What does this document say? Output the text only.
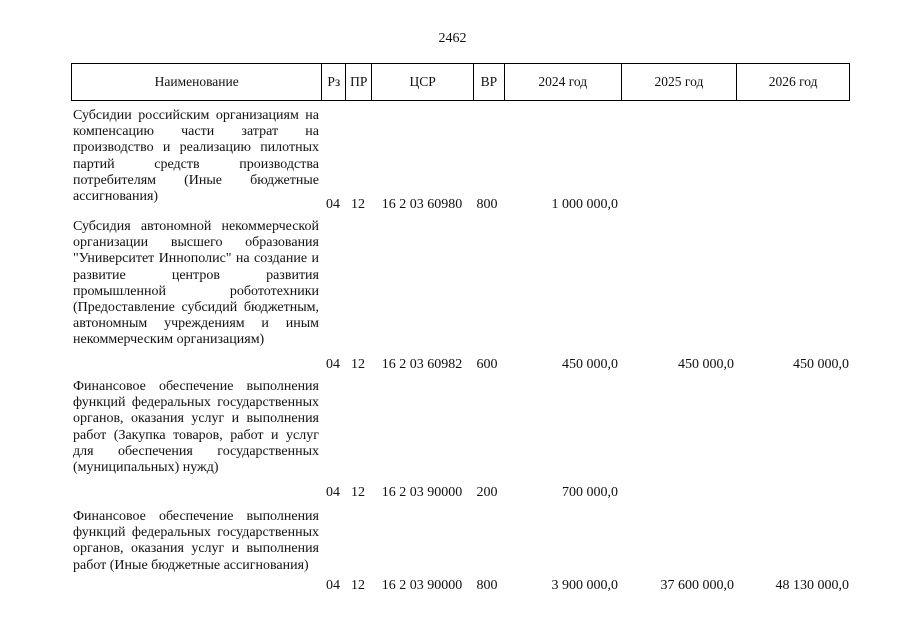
2462
Наименование	Рз ПР	ЦСР	ВР	2024 год	2025 год	2026 год
Субсидии российским организациям на компенсацию части затрат на производство и реализацию пилотных партий средств производства потребителям (Иные бюджетные ассигнования)
04 12	16 2 03 60980	800	1 000 000,0
Субсидия автономной некоммерческой организации высшего образования "Университет Иннополис" на создание и развитие центров развития промышленной робототехники (Предоставление субсидий бюджетным, автономным учреждениям и иным некоммерческим организациям)
04 12	16 2 03 60982	600	450 000,0	450 000,0	450 000,0
Финансовое обеспечение выполнения функций федеральных государственных органов, оказания услуг и выполнения работ (Закупка товаров, работ и услуг для обеспечения государственных (муниципальных) нужд)
04 12	16 2 03 90000	200	700 000,0
Финансовое обеспечение выполнения функций федеральных государственных органов, оказания услуг и выполнения работ (Иные бюджетные ассигнования)
04 12	16 2 03 90000	800	3 900 000,0	37 600 000,0	48 130 000,0
